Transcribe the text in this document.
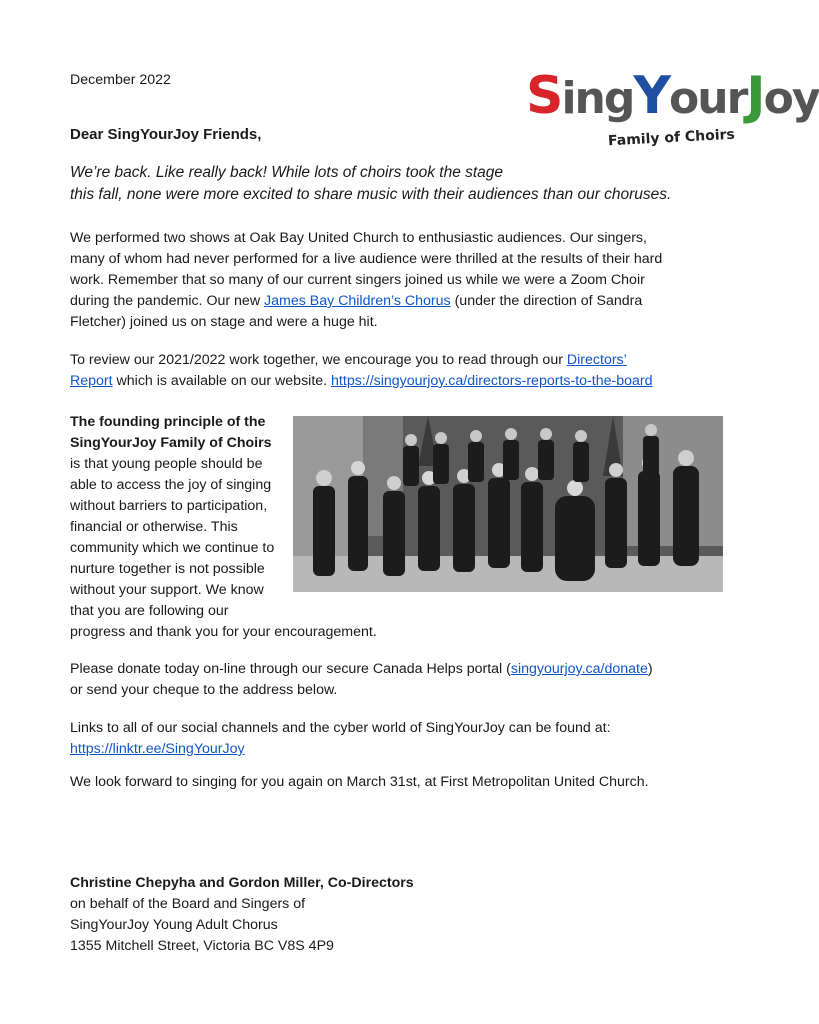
December 2022	SingYourJoy
Family of Choirs
Dear SingYourJoy Friends,
We’re back. Like really back! While lots of choirs took the stage
this fall, none were more excited to share music with their audiences than our choruses.
We performed two shows at Oak Bay United Church to enthusiastic audiences. Our singers,
many of whom had never performed for a live audience were thrilled at the results of their hard
work. Remember that so many of our current singers joined us while we were a Zoom Choir
during the pandemic. Our new James Bay Children’s Chorus (under the direction of Sandra
Fletcher) joined us on stage and were a huge hit.
To review our 2021/2022 work together, we encourage you to read through our Directors’
Report which is available on our website. https://singyourjoy.ca/directors-reports-to-the-board
The founding principle of the
SingYourJoy Family of Choirs
is that young people should be
able to access the joy of singing
without barriers to participation,
financial or otherwise. This
community which we continue to
nurture together is not possible
without your support. We know
that you are following our
progress and thank you for your encouragement.
Please donate today on-line through our secure Canada Helps portal (singyourjoy.ca/donate)
or send your cheque to the address below.
Links to all of our social channels and the cyber world of SingYourJoy can be found at:
https://linktr.ee/SingYourJoy
We look forward to singing for you again on March 31st, at First Metropolitan United Church.
Christine Chepyha and Gordon Miller, Co-Directors
on behalf of the Board and Singers of
SingYourJoy Young Adult Chorus
1355 Mitchell Street, Victoria BC V8S 4P9
